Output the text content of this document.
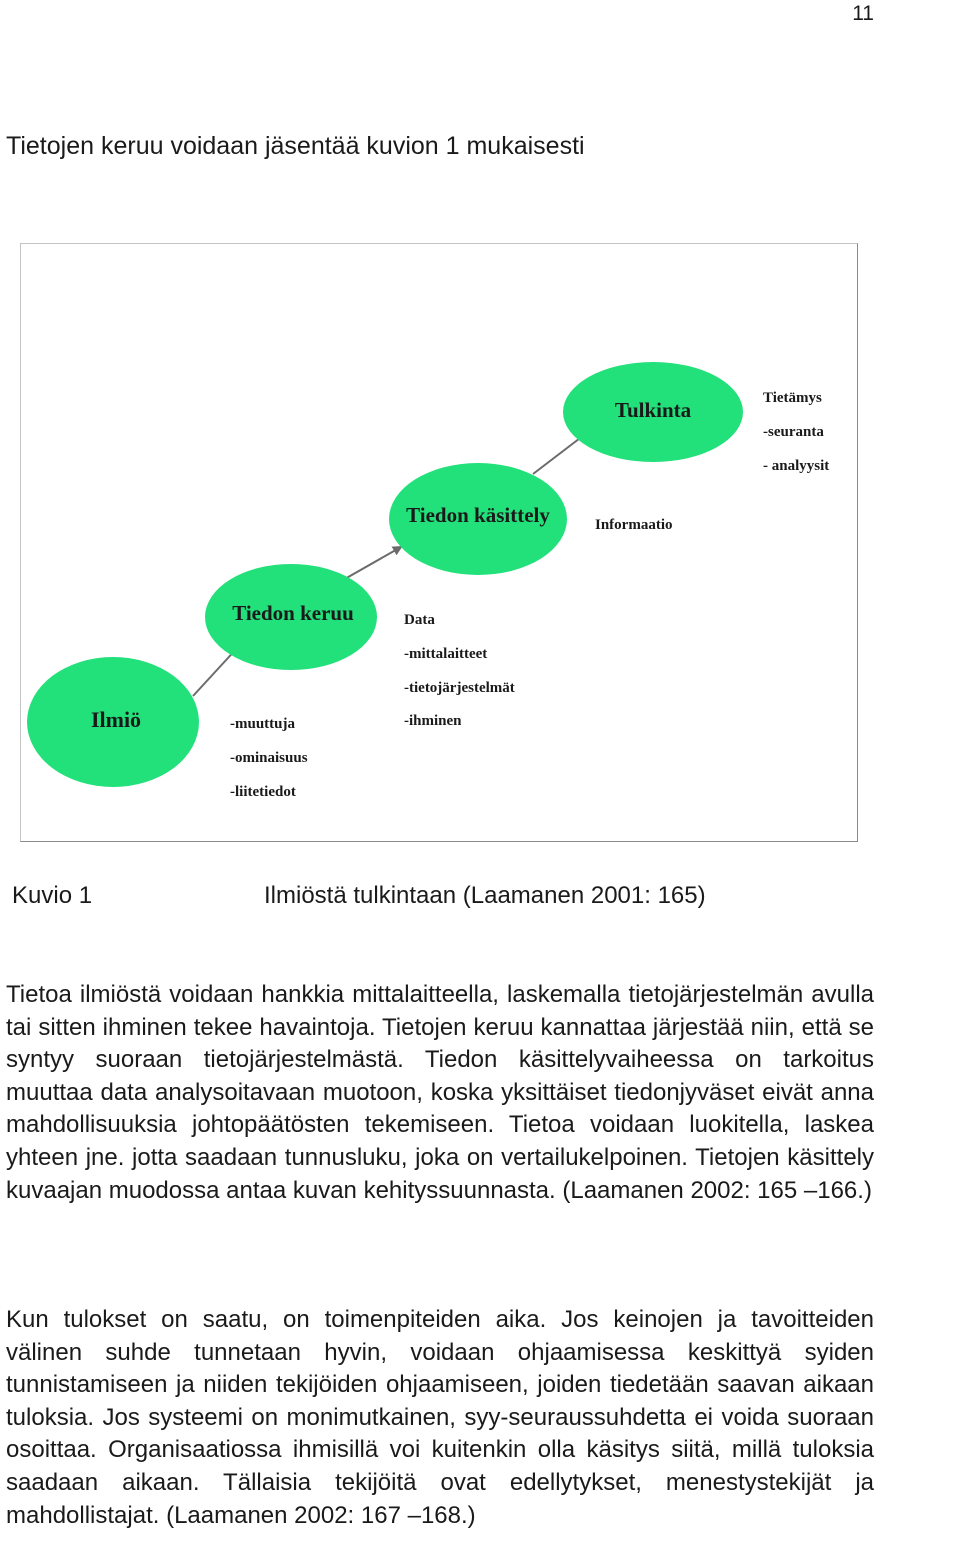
11

Tietojen keruu voidaan jäsentää kuvion 1 mukaisesti

Ilmiö
Tiedon keruu
Tiedon käsittely
Tulkinta
-muuttuja
-ominaisuus
-liitetiedot
Data
-mittalaitteet
-tietojärjestelmät
-ihminen
Informaatio
Tietämys
-seuranta
- analyysit
Kuvio 1	Ilmiöstä tulkintaan (Laamanen 2001: 165)

Tietoa ilmiöstä voidaan hankkia mittalaitteella, laskemalla tietojärjestelmän avulla tai sitten ihminen tekee havaintoja. Tietojen keruu kannattaa järjestää niin, että se syntyy suoraan tietojärjestelmästä. Tiedon käsittelyvaiheessa on tarkoitus muuttaa data analysoitavaan muotoon, koska yksittäiset tiedonjyväset eivät anna mahdollisuuksia johtopäätösten tekemiseen. Tietoa voidaan luokitella, laskea yhteen jne. jotta saadaan tunnusluku, joka on vertailukelpoinen. Tietojen käsittely kuvaajan muodossa antaa kuvan kehityssuunnasta. (Laamanen 2002: 165 –166.)

Kun tulokset on saatu, on toimenpiteiden aika. Jos keinojen ja tavoitteiden välinen suhde tunnetaan hyvin, voidaan ohjaamisessa keskittyä syiden tunnistamiseen ja niiden tekijöiden ohjaamiseen, joiden tiedetään saavan aikaan tuloksia. Jos systeemi on monimutkainen, syy-seuraussuhdetta ei voida suoraan osoittaa. Organisaatiossa ihmisillä voi kuitenkin olla käsitys siitä, millä tuloksia saadaan aikaan. Tällaisia tekijöitä ovat edellytykset, menestystekijät ja mahdollistajat. (Laamanen 2002: 167 –168.)
